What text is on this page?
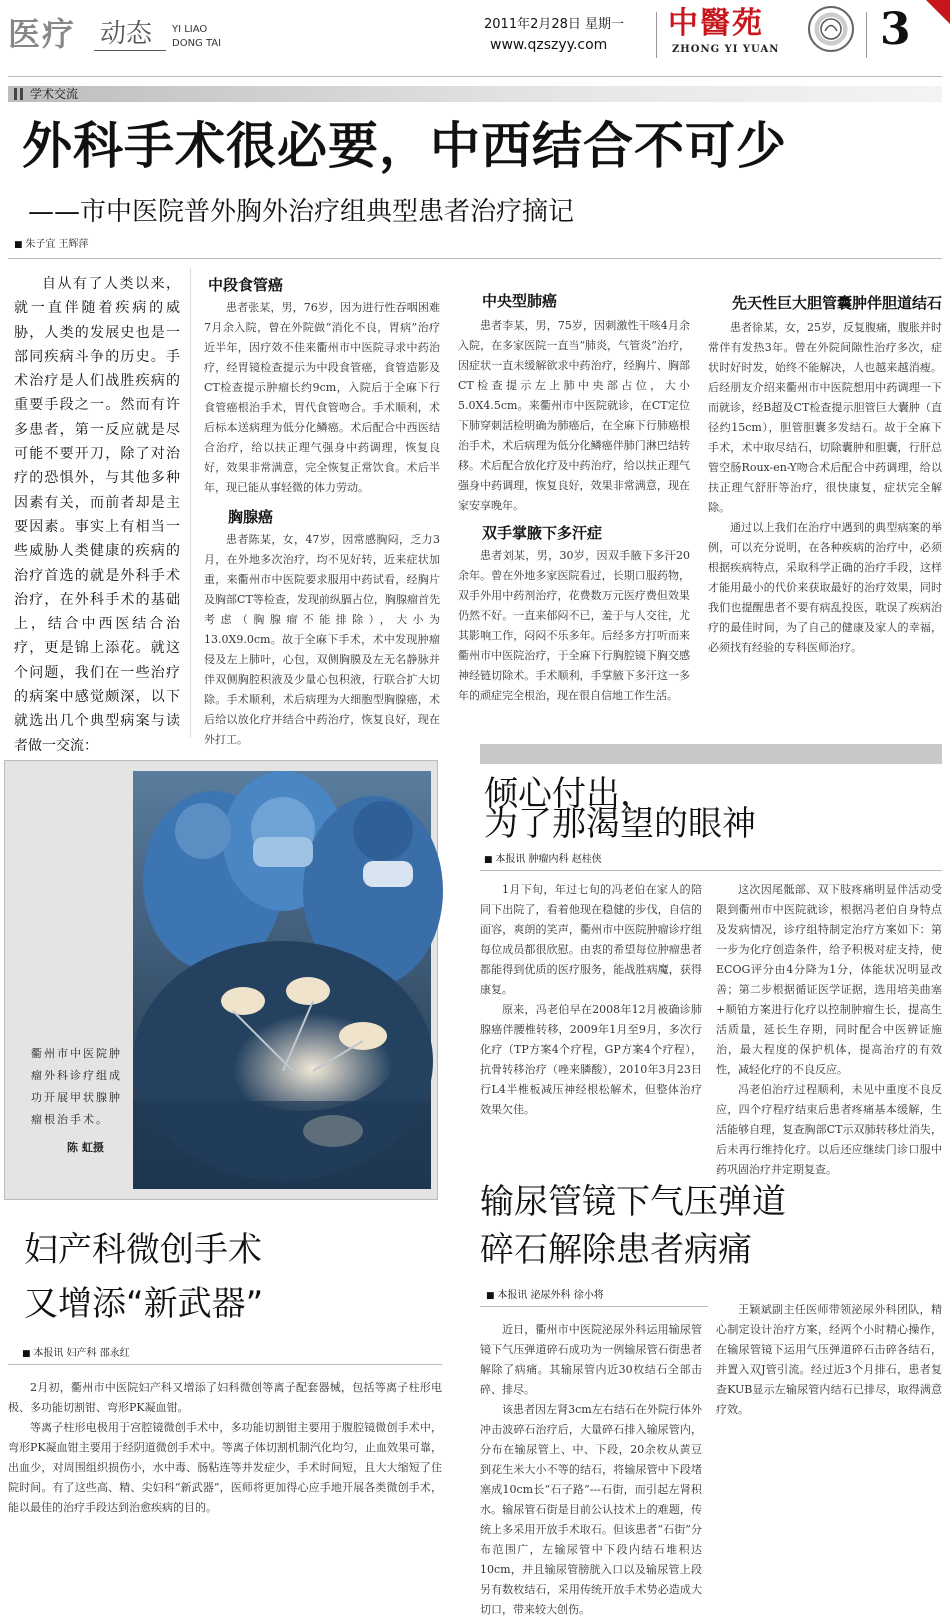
医疗 动态 YI LIAO
DONG TAI
2011年2月28日 星期一
www.qzszyy.com
中醫苑
ZHONG YI YUAN 3
学术交流
外科手术很必要，中西结合不可少
——市中医院普外胸外治疗组典型患者治疗摘记
■ 朱子宜 王辉萍

自从有了人类以来，就一直伴随着疾病的威胁，人类的发展史也是一部同疾病斗争的历史。手术治疗是人们战胜疾病的重要手段之一。然而有许多患者，第一反应就是尽可能不要开刀，除了对治疗的恐惧外，与其他多种因素有关，而前者却是主要因素。事实上有相当一些威胁人类健康的疾病的治疗首选的就是外科手术治疗，在外科手术的基础上，结合中西医结合治疗，更是锦上添花。就这个问题，我们在一些治疗的病案中感觉颇深，以下就选出几个典型病案与读者做一交流：

中段食管癌

患者张某，男，76岁，因为进行性吞咽困难7月余入院，曾在外院做“消化不良，胃病”治疗近半年，因疗效不佳来衢州市中医院寻求中药治疗，经胃镜检查提示为中段食管癌，食管造影及CT检查提示肿瘤长约9cm，入院后于全麻下行食管癌根治手术，胃代食管吻合。手术顺利，术后标本送病理为低分化鳞癌。术后配合中西医结合治疗，给以扶正理气强身中药调理，恢复良好，效果非常满意，完全恢复正常饮食。术后半年，现已能从事轻微的体力劳动。

胸腺癌

患者陈某，女，47岁，因常感胸闷，乏力3月，在外地多次治疗，均不见好转，近来症状加重，来衢州市中医院要求服用中药试看，经胸片及胸部CT等检查，发现前纵膈占位，胸腺瘤首先考虑（胸腺瘤不能排除），大小为13.0X9.0cm。故于全麻下手术，术中发现肿瘤侵及左上肺叶，心包，双侧胸膜及左无名静脉并伴双侧胸腔积液及少量心包积液，行联合扩大切除。手术顺利，术后病理为大细胞型胸腺癌，术后给以放化疗并结合中药治疗，恢复良好，现在外打工。

中央型肺癌

患者李某，男，75岁，因刺激性干咳4月余入院，在多家医院一直当“肺炎，气管炎”治疗，因症状一直未缓解欲求中药治疗，经胸片、胸部CT检查提示左上肺中央部占位，大小5.0X4.5cm。来衢州市中医院就诊，在CT定位下肺穿刺活检明确为肺癌后，在全麻下行肺癌根治手术，术后病理为低分化鳞癌伴肺门淋巴结转移。术后配合放化疗及中药治疗，给以扶正理气强身中药调理，恢复良好，效果非常满意，现在家安享晚年。

双手掌腋下多汗症

患者刘某，男，30岁，因双手腋下多汗20余年。曾在外地多家医院看过，长期口服药物，双手外用中药剂治疗，花费数万元医疗费但效果仍然不好。一直来郁闷不已，羞于与人交往，尤其影响工作，闷闷不乐多年。后经多方打听而来衢州市中医院治疗，于全麻下行胸腔镜下胸交感神经链切除术。手术顺利，手掌腋下多汗这一多年的顽症完全根治，现在很自信地工作生活。

先天性巨大胆管囊肿伴胆道结石

患者徐某，女，25岁，反复腹痛，腹胀并时常伴有发热3年。曾在外院间隙性治疗多次，症状时好时发，始终不能解决，人也越来越消瘦。后经朋友介绍来衢州市中医院想用中药调理一下而就诊，经B超及CT检查提示胆管巨大囊肿（直径约15cm），胆管胆囊多发结石。故于全麻下手术，术中取尽结石，切除囊肿和胆囊，行肝总管空肠Roux-en-Y吻合术后配合中药调理，给以扶正理气舒肝等治疗，很快康复，症状完全解除。

通过以上我们在治疗中遇到的典型病案的举例，可以充分说明，在各种疾病的治疗中，必须根据疾病特点，采取科学正确的治疗手段，这样才能用最小的代价来获取最好的治疗效果，同时我们也提醒患者不要有病乱投医，耽误了疾病治疗的最佳时间，为了自己的健康及家人的幸福，必须找有经验的专科医师治疗。

衢州市中医院肿瘤外科诊疗组成功开展甲状腺肿瘤根治手术。
陈 虹摄
倾心付出，
为了那渴望的眼神
■ 本报讯 肿瘤内科 赵桂侠

1月下旬，年过七旬的冯老伯在家人的陪同下出院了，看着他现在稳健的步伐，自信的面容，爽朗的笑声，衢州市中医院肿瘤诊疗组每位成员都很欣慰。由衷的希望每位肿瘤患者都能得到优质的医疗服务，能战胜病魔，获得康复。

原来，冯老伯早在2008年12月被确诊肺腺癌伴腰椎转移，2009年1月至9月，多次行化疗（TP方案4个疗程，GP方案4个疗程），抗骨转移治疗（唑来膦酸），2010年3月23日行L4半椎板减压神经根松解术，但整体治疗效果欠佳。

这次因尾骶部、双下肢疼痛明显伴活动受限到衢州市中医院就诊，根据冯老伯自身特点及发病情况，诊疗组特制定治疗方案如下：第一步为化疗创造条件，给予积极对症支持，使ECOG评分由4分降为1分，体能状况明显改善；第二步根据循证医学证据，选用培美曲塞+顺铂方案进行化疗以控制肿瘤生长，提高生活质量，延长生存期，同时配合中医辨证施治，最大程度的保护机体，提高治疗的有效性，减轻化疗的不良反应。

冯老伯治疗过程顺利，未见中重度不良反应，四个疗程疗结束后患者疼痛基本缓解，生活能够自理，复查胸部CT示双肺转移灶消失，后未再行维持化疗。以后还应继续门诊口服中药巩固治疗并定期复查。

妇产科微创手术
又增添“新武器”
■ 本报讯 妇产科 邵永红

2月初，衢州市中医院妇产科又增添了妇科微创等离子配套器械，包括等离子柱形电极、多功能切割钳、弯形PK凝血钳。

等离子柱形电极用于宫腔镜微创手术中，多功能切割钳主要用于腹腔镜微创手术中，弯形PK凝血钳主要用于经阴道微创手术中。等离子体切割机制汽化均匀，止血效果可靠，出血少，对周围组织损伤小，水中毒、肠粘连等并发症少，手术时间短，且大大缩短了住院时间。有了这些高、精、尖妇科“新武器”，医师将更加得心应手地开展各类微创手术，能以最佳的治疗手段达到治愈疾病的目的。

输尿管镜下气压弹道
碎石解除患者病痛
■ 本报讯 泌尿外科 徐小将

近日，衢州市中医院泌尿外科运用输尿管镜下气压弹道碎石成功为一例输尿管石街患者解除了病痛。其输尿管内近30枚结石全部击碎、排尽。

该患者因左肾3cm左右结石在外院行体外冲击波碎石治疗后，大量碎石排入输尿管内，分布在输尿管上、中、下段，20余枚从黄豆到花生米大小不等的结石，将输尿管中下段堵塞成10cm长“石子路”---石街，而引起左肾积水。输尿管石街是目前公认技术上的难题，传统上多采用开放手术取石。但该患者“石街”分布范围广，左输尿管中下段内结石堆积达10cm，并且输尿管膀胱入口以及输尿管上段另有数枚结石，采用传统开放手术势必造成大切口，带来较大创伤。

王颖斌副主任医师带领泌尿外科团队，精心制定设计治疗方案，经两个小时精心操作，在输尿管镜下运用气压弹道碎石击碎各结石，并置入双J管引流。经过近3个月排石，患者复查KUB显示左输尿管内结石已排尽，取得满意疗效。
